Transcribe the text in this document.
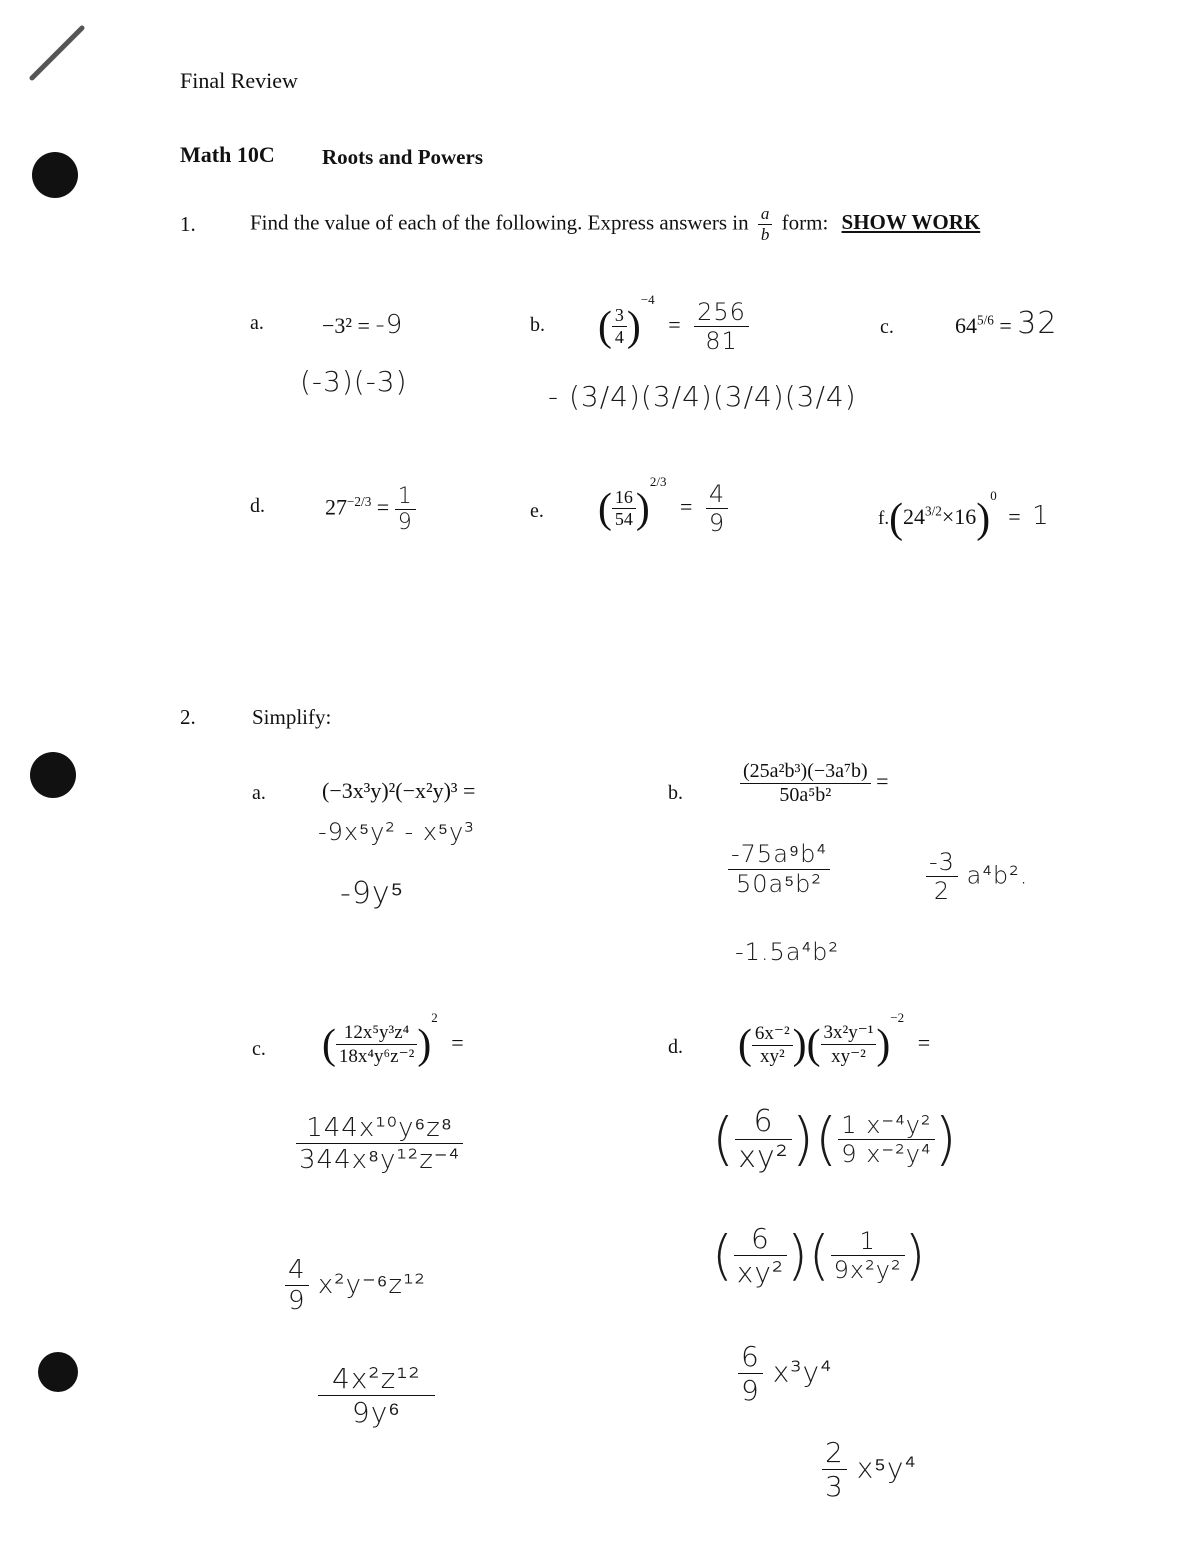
Final Review
Math 10C Roots and Powers
1.	Find the value of each of the following. Express answers in $\frac{a}{b}$ form: SHOW WORK
a.	−3² = -9
(-3)(-3)
b. ( $\frac{3}{4} )^{-4} = \frac{256}{81}$
- (3/4)(3/4)(3/4)(3/4)
c.	$64^{5/6} = 32$
d.	$27^{-2/3} = \frac{1}{9}$	e. ( $\frac{16}{54} )^{2/3} = \frac{4}{9}$	$f.(24^{3/2}\times 16)^0 = 1$
2.	Simplify:
a.	(−3x³y)²(−x²y)³ =
-9x⁵y² - x⁵y³
-9y⁵
b.	$\frac{\text{(25a²b³)(−3a⁷b)}}{\text{50a⁵b²}}$ =
$\frac{\text{-75a⁹b⁴}}{\text{50a⁵b²}}$	$\frac{-3}{2} a^4b^2$.
-1.5a⁴b²
c. ( $\frac{\text{12x⁵y³z⁴}}{\text{18x⁴y⁶z⁻²}} )^2$ =
$\frac{\text{144x¹⁰y⁶z⁸}}{\text{344x⁸y¹²z⁻⁴}}$
$\frac{4}{9} x^2y^{-6}z^{12}$
$\frac{\text{4x²z¹²}}{\text{9y⁶}}$
d. ( $\frac{\text{6x⁻²}}{\text{xy²}}$ )( $\frac{\text{3x²y⁻¹}}{\text{xy⁻²}} )^{-2}$ =
( $\frac{6}{\text{xy²}}$ )( $\frac{\text{1 x⁻⁴y²}}{\text{9 x⁻²y⁴}}$ )
( $\frac{6}{\text{xy²}}$ )( $\frac{1}{\text{9x²y²}}$ )
$\frac{6}{9} x^3y^4$
$\frac{2}{3} x^5y^4$
